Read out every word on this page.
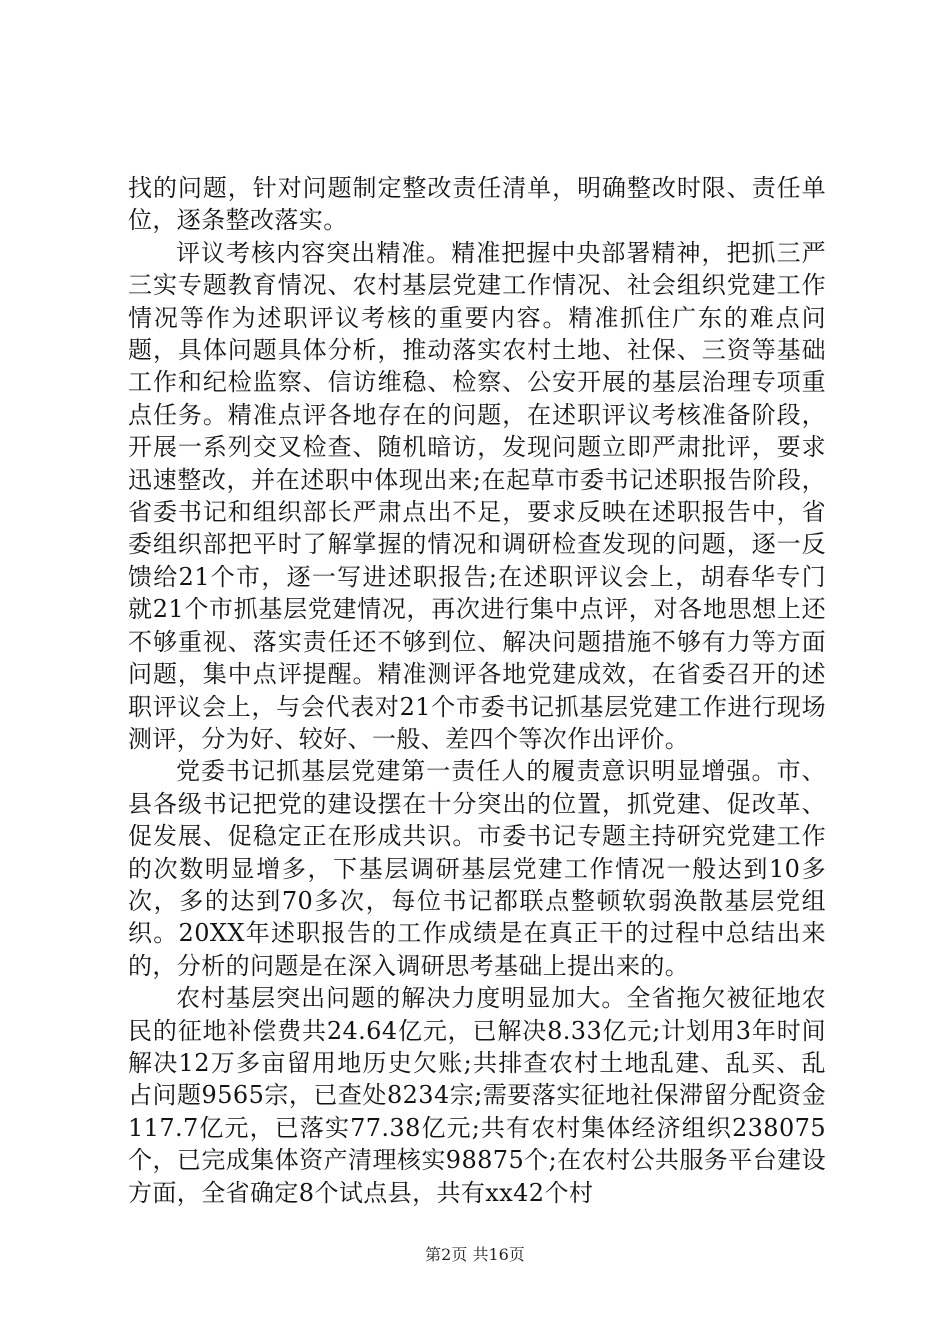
找的问题，针对问题制定整改责任清单，明确整改时限、责任单位，逐条整改落实。

评议考核内容突出精准。精准把握中央部署精神，把抓三严三实专题教育情况、农村基层党建工作情况、社会组织党建工作情况等作为述职评议考核的重要内容。精准抓住广东的难点问题，具体问题具体分析，推动落实农村土地、社保、三资等基础工作和纪检监察、信访维稳、检察、公安开展的基层治理专项重点任务。精准点评各地存在的问题，在述职评议考核准备阶段，开展一系列交叉检查、随机暗访，发现问题立即严肃批评，要求迅速整改，并在述职中体现出来;在起草市委书记述职报告阶段，省委书记和组织部长严肃点出不足，要求反映在述职报告中，省委组织部把平时了解掌握的情况和调研检查发现的问题，逐一反馈给21个市，逐一写进述职报告;在述职评议会上，胡春华专门就21个市抓基层党建情况，再次进行集中点评，对各地思想上还不够重视、落实责任还不够到位、解决问题措施不够有力等方面问题，集中点评提醒。精准测评各地党建成效，在省委召开的述职评议会上，与会代表对21个市委书记抓基层党建工作进行现场测评，分为好、较好、一般、差四个等次作出评价。

党委书记抓基层党建第一责任人的履责意识明显增强。市、县各级书记把党的建设摆在十分突出的位置，抓党建、促改革、促发展、促稳定正在形成共识。市委书记专题主持研究党建工作的次数明显增多，下基层调研基层党建工作情况一般达到10多次，多的达到70多次，每位书记都联点整顿软弱涣散基层党组织。20XX年述职报告的工作成绩是在真正干的过程中总结出来的，分析的问题是在深入调研思考基础上提出来的。

农村基层突出问题的解决力度明显加大。全省拖欠被征地农民的征地补偿费共24.64亿元，已解决8.33亿元;计划用3年时间解决12万多亩留用地历史欠账;共排查农村土地乱建、乱买、乱占问题9565宗，已查处8234宗;需要落实征地社保滞留分配资金117.7亿元，已落实77.38亿元;共有农村集体经济组织238075个，已完成集体资产清理核实98875个;在农村公共服务平台建设方面，全省确定8个试点县，共有xx42个村

第2页 共16页
